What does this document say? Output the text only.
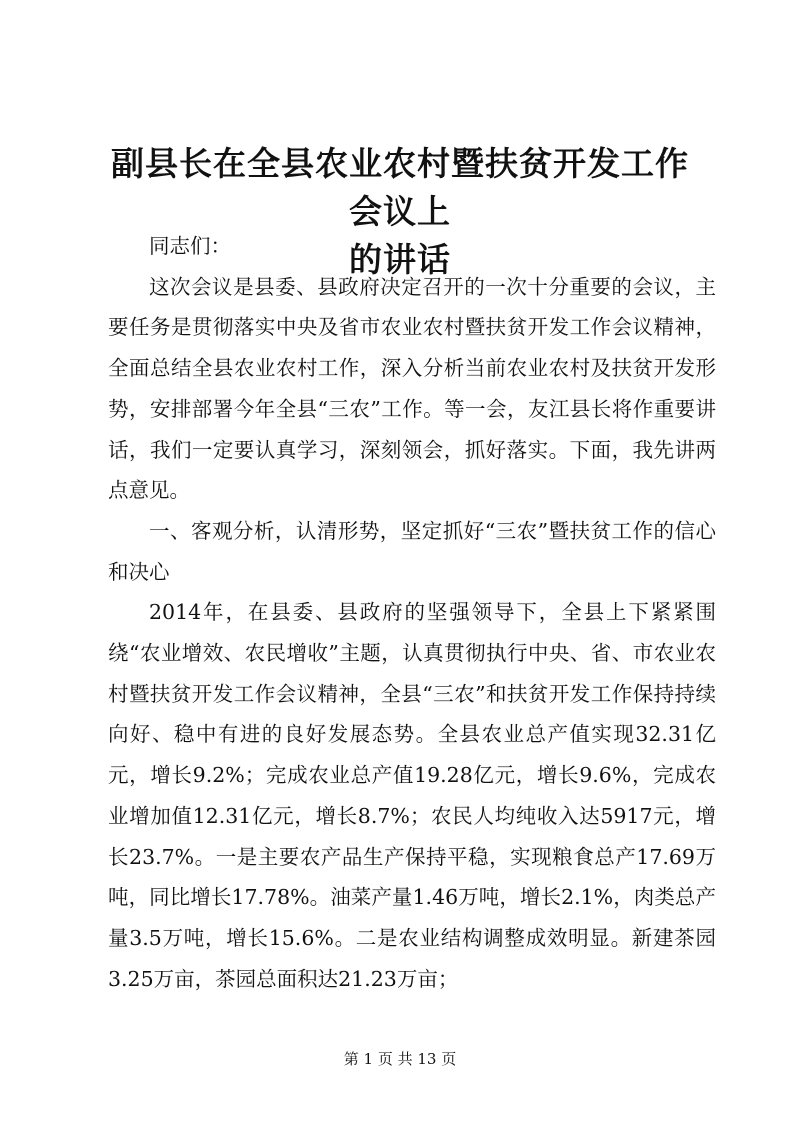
副县长在全县农业农村暨扶贫开发工作会议上
的讲话

同志们：

这次会议是县委、县政府决定召开的一次十分重要的会议，主要任务是贯彻落实中央及省市农业农村暨扶贫开发工作会议精神，全面总结全县农业农村工作，深入分析当前农业农村及扶贫开发形势，安排部署今年全县“三农”工作。等一会，友江县长将作重要讲话，我们一定要认真学习，深刻领会，抓好落实。下面，我先讲两点意见。

一、客观分析，认清形势，坚定抓好“三农”暨扶贫工作的信心和决心

2014年，在县委、县政府的坚强领导下，全县上下紧紧围绕“农业增效、农民增收”主题，认真贯彻执行中央、省、市农业农村暨扶贫开发工作会议精神，全县“三农”和扶贫开发工作保持持续向好、稳中有进的良好发展态势。全县农业总产值实现32.31亿元，增长9.2%；完成农业总产值19.28亿元，增长9.6%，完成农业增加值12.31亿元，增长8.7%；农民人均纯收入达5917元，增长23.7%。一是主要农产品生产保持平稳，实现粮食总产17.69万吨，同比增长17.78%。油菜产量1.46万吨，增长2.1%，肉类总产量3.5万吨，增长15.6%。二是农业结构调整成效明显。新建茶园3.25万亩，茶园总面积达21.23万亩；

第 1 页 共 13 页
